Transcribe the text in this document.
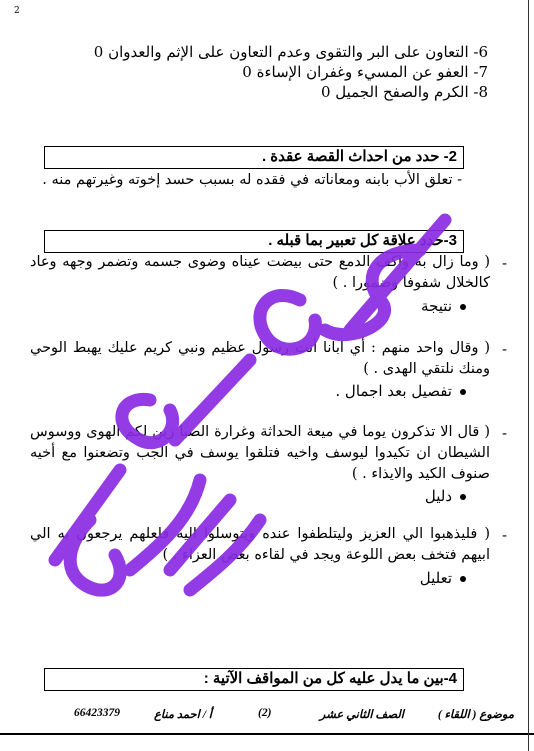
2
6- التعاون على البر والتقوى وعدم التعاون على الإثم والعدوان 0
7- العفو عن المسيء وغفران الإساءة 0
8- الكرم والصفح الجميل 0
2- حدد من احداث القصة عقدة .
- تعلق الأب بابنه ومعاناته في فقده له بسبب حسد إخوته وغيرتهم منه .
3-حدد علاقة كل تعبير بما قبله .
-
( وما زال به واكف الدمع حتى بيضت عيناه وضوى جسمه وتضمر وجهه وعاد كالخلال شفوفا وضمورا . )
نتيجة
-
( وقال واحد منهم : أي ابانا أنت رسول عظيم ونبي كريم عليك يهبط الوحي ومنك نلتقي الهدى . )
تفصيل بعد اجمال .
-
( قال الا تذكرون يوما في ميعة الحداثة وغرارة الصبا زين لكم الهوى ووسوس الشيطان ان تكيدوا ليوسف واخيه فتلقوا يوسف في الجب وتضعنوا مع أخيه صنوف الكيد والايذاء . )
دليل
-
( فليذهبوا الي العزيز وليتلطفوا عنده ويتوسلوا اليه فلعلهم يرجعون به الي ابيهم فتخف بعض اللوعة ويجد في لقاءه بعض العزاء . )
تعليل
4-بين ما يدل عليه كل من المواقف الآتية :
موضوع ( اللقاء )
الصف الثاني عشر
(2)
أ / احمد مناع
66423379
